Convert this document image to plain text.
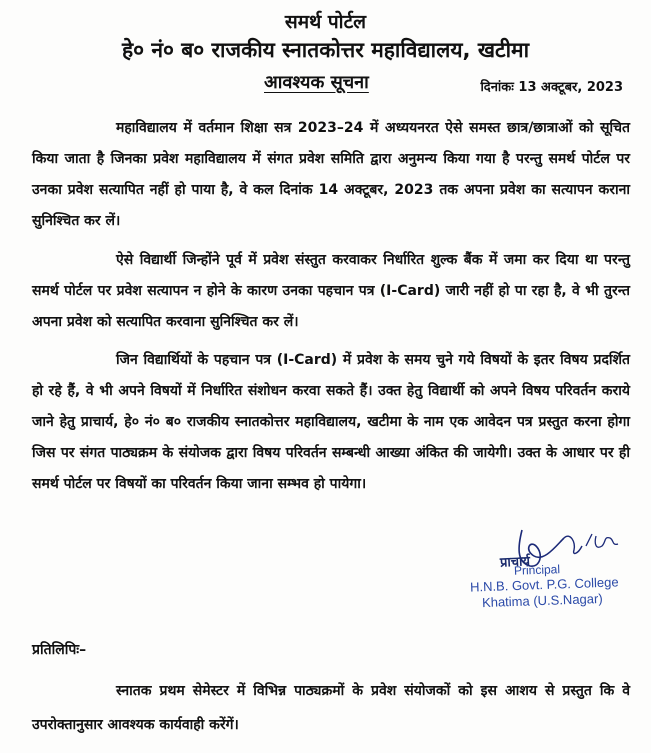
समर्थ पोर्टल
हे० नं० ब० राजकीय स्नातकोत्तर महाविद्यालय, खटीमा
आवश्यक सूचना	दिनांकः 13 अक्टूबर, 2023

महाविद्यालय में वर्तमान शिक्षा सत्र 2023–24 में अध्ययनरत ऐसे समस्त छात्र/छात्राओं को सूचित किया जाता है जिनका प्रवेश महाविद्यालय में संगत प्रवेश समिति द्वारा अनुमन्य किया गया है परन्तु समर्थ पोर्टल पर उनका प्रवेश सत्यापित नहीं हो पाया है, वे कल दिनांक 14 अक्टूबर, 2023 तक अपना प्रवेश का सत्यापन कराना सुनिश्चित कर लें।

ऐसे विद्यार्थी जिन्होंने पूर्व में प्रवेश संस्तुत करवाकर निर्धारित शुल्क बैंक में जमा कर दिया था परन्तु समर्थ पोर्टल पर प्रवेश सत्यापन न होने के कारण उनका पहचान पत्र (I-Card) जारी नहीं हो पा रहा है, वे भी तुरन्त अपना प्रवेश को सत्यापित करवाना सुनिश्चित कर लें।

जिन विद्यार्थियों के पहचान पत्र (I-Card) में प्रवेश के समय चुने गये विषयों के इतर विषय प्रदर्शित हो रहे हैं, वे भी अपने विषयों में निर्धारित संशोधन करवा सकते हैं। उक्त हेतु विद्यार्थी को अपने विषय परिवर्तन कराये जाने हेतु प्राचार्य, हे० नं० ब० राजकीय स्नातकोत्तर महाविद्यालय, खटीमा के नाम एक आवेदन पत्र प्रस्तुत करना होगा जिस पर संगत पाठ्यक्रम के संयोजक द्वारा विषय परिवर्तन सम्बन्धी आख्या अंकित की जायेगी। उक्त के आधार पर ही समर्थ पोर्टल पर विषयों का परिवर्तन किया जाना सम्भव हो पायेगा।

प्राचार्य
Principal
H.N.B. Govt. P.G. College
Khatima (U.S.Nagar)
प्रतिलिपिः–

स्नातक प्रथम सेमेस्टर में विभिन्न पाठ्यक्रमों के प्रवेश संयोजकों को इस आशय से प्रस्तुत कि वे उपरोक्तानुसार आवश्यक कार्यवाही करेंगें।
